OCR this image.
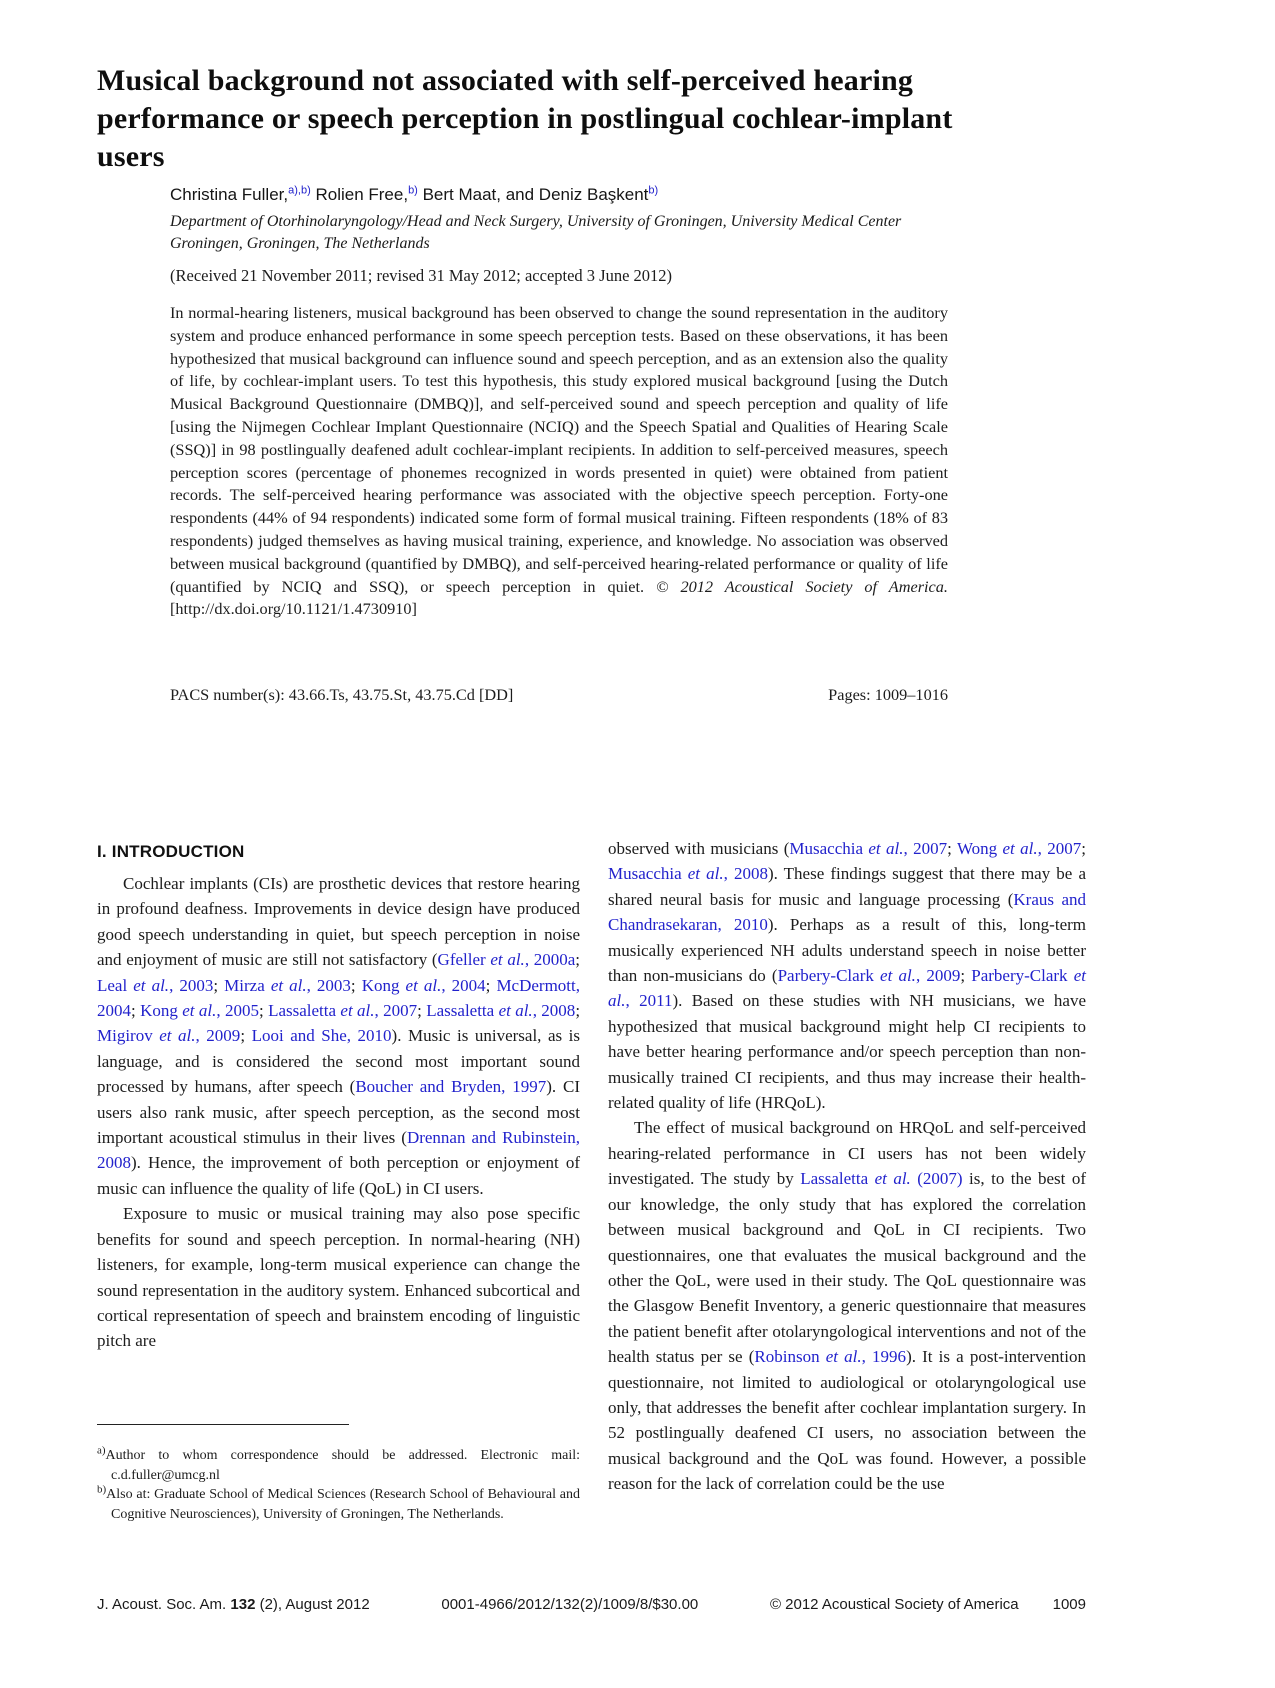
Musical background not associated with self-perceived hearing performance or speech perception in postlingual cochlear-implant users
Christina Fuller,$^{a),b)}$ Rolien Free,$^{b)}$ Bert Maat, and Deniz Başkent$^{b)}$
Department of Otorhinolaryngology/Head and Neck Surgery, University of Groningen, University Medical Center Groningen, Groningen, The Netherlands
(Received 21 November 2011; revised 31 May 2012; accepted 3 June 2012)
In normal-hearing listeners, musical background has been observed to change the sound representation in the auditory system and produce enhanced performance in some speech perception tests. Based on these observations, it has been hypothesized that musical background can influence sound and speech perception, and as an extension also the quality of life, by cochlear-implant users. To test this hypothesis, this study explored musical background [using the Dutch Musical Background Questionnaire (DMBQ)], and self-perceived sound and speech perception and quality of life [using the Nijmegen Cochlear Implant Questionnaire (NCIQ) and the Speech Spatial and Qualities of Hearing Scale (SSQ)] in 98 postlingually deafened adult cochlear-implant recipients. In addition to self-perceived measures, speech perception scores (percentage of phonemes recognized in words presented in quiet) were obtained from patient records. The self-perceived hearing performance was associated with the objective speech perception. Forty-one respondents (44% of 94 respondents) indicated some form of formal musical training. Fifteen respondents (18% of 83 respondents) judged themselves as having musical training, experience, and knowledge. No association was observed between musical background (quantified by DMBQ), and self-perceived hearing-related performance or quality of life (quantified by NCIQ and SSQ), or speech perception in quiet. © 2012 Acoustical Society of America. [http://dx.doi.org/10.1121/1.4730910]
PACS number(s): 43.66.Ts, 43.75.St, 43.75.Cd [DD]	Pages: 1009–1016
I. INTRODUCTION

Cochlear implants (CIs) are prosthetic devices that restore hearing in profound deafness. Improvements in device design have produced good speech understanding in quiet, but speech perception in noise and enjoyment of music are still not satisfactory (Gfeller et al., 2000a; Leal et al., 2003; Mirza et al., 2003; Kong et al., 2004; McDermott, 2004; Kong et al., 2005; Lassaletta et al., 2007; Lassaletta et al., 2008; Migirov et al., 2009; Looi and She, 2010). Music is universal, as is language, and is considered the second most important sound processed by humans, after speech (Boucher and Bryden, 1997). CI users also rank music, after speech perception, as the second most important acoustical stimulus in their lives (Drennan and Rubinstein, 2008). Hence, the improvement of both perception or enjoyment of music can influence the quality of life (QoL) in CI users.

Exposure to music or musical training may also pose specific benefits for sound and speech perception. In normal-hearing (NH) listeners, for example, long-term musical experience can change the sound representation in the auditory system. Enhanced subcortical and cortical representation of speech and brainstem encoding of linguistic pitch are

observed with musicians (Musacchia et al., 2007; Wong et al., 2007; Musacchia et al., 2008). These findings suggest that there may be a shared neural basis for music and language processing (Kraus and Chandrasekaran, 2010). Perhaps as a result of this, long-term musically experienced NH adults understand speech in noise better than non-musicians do (Parbery-Clark et al., 2009; Parbery-Clark et al., 2011). Based on these studies with NH musicians, we have hypothesized that musical background might help CI recipients to have better hearing performance and/or speech perception than non-musically trained CI recipients, and thus may increase their health-related quality of life (HRQoL).

The effect of musical background on HRQoL and self-perceived hearing-related performance in CI users has not been widely investigated. The study by Lassaletta et al. (2007) is, to the best of our knowledge, the only study that has explored the correlation between musical background and QoL in CI recipients. Two questionnaires, one that evaluates the musical background and the other the QoL, were used in their study. The QoL questionnaire was the Glasgow Benefit Inventory, a generic questionnaire that measures the patient benefit after otolaryngological interventions and not of the health status per se (Robinson et al., 1996). It is a post-intervention questionnaire, not limited to audiological or otolaryngological use only, that addresses the benefit after cochlear implantation surgery. In 52 postlingually deafened CI users, no association between the musical background and the QoL was found. However, a possible reason for the lack of correlation could be the use

$^{a)}$Author to whom correspondence should be addressed. Electronic mail: c.d.fuller@umcg.nl

$^{b)}$Also at: Graduate School of Medical Sciences (Research School of Behavioural and Cognitive Neurosciences), University of Groningen, The Netherlands.

J. Acoust. Soc. Am. 132 (2), August 2012	0001-4966/2012/132(2)/1009/8/$30.00	© 2012 Acoustical Society of America 1009
